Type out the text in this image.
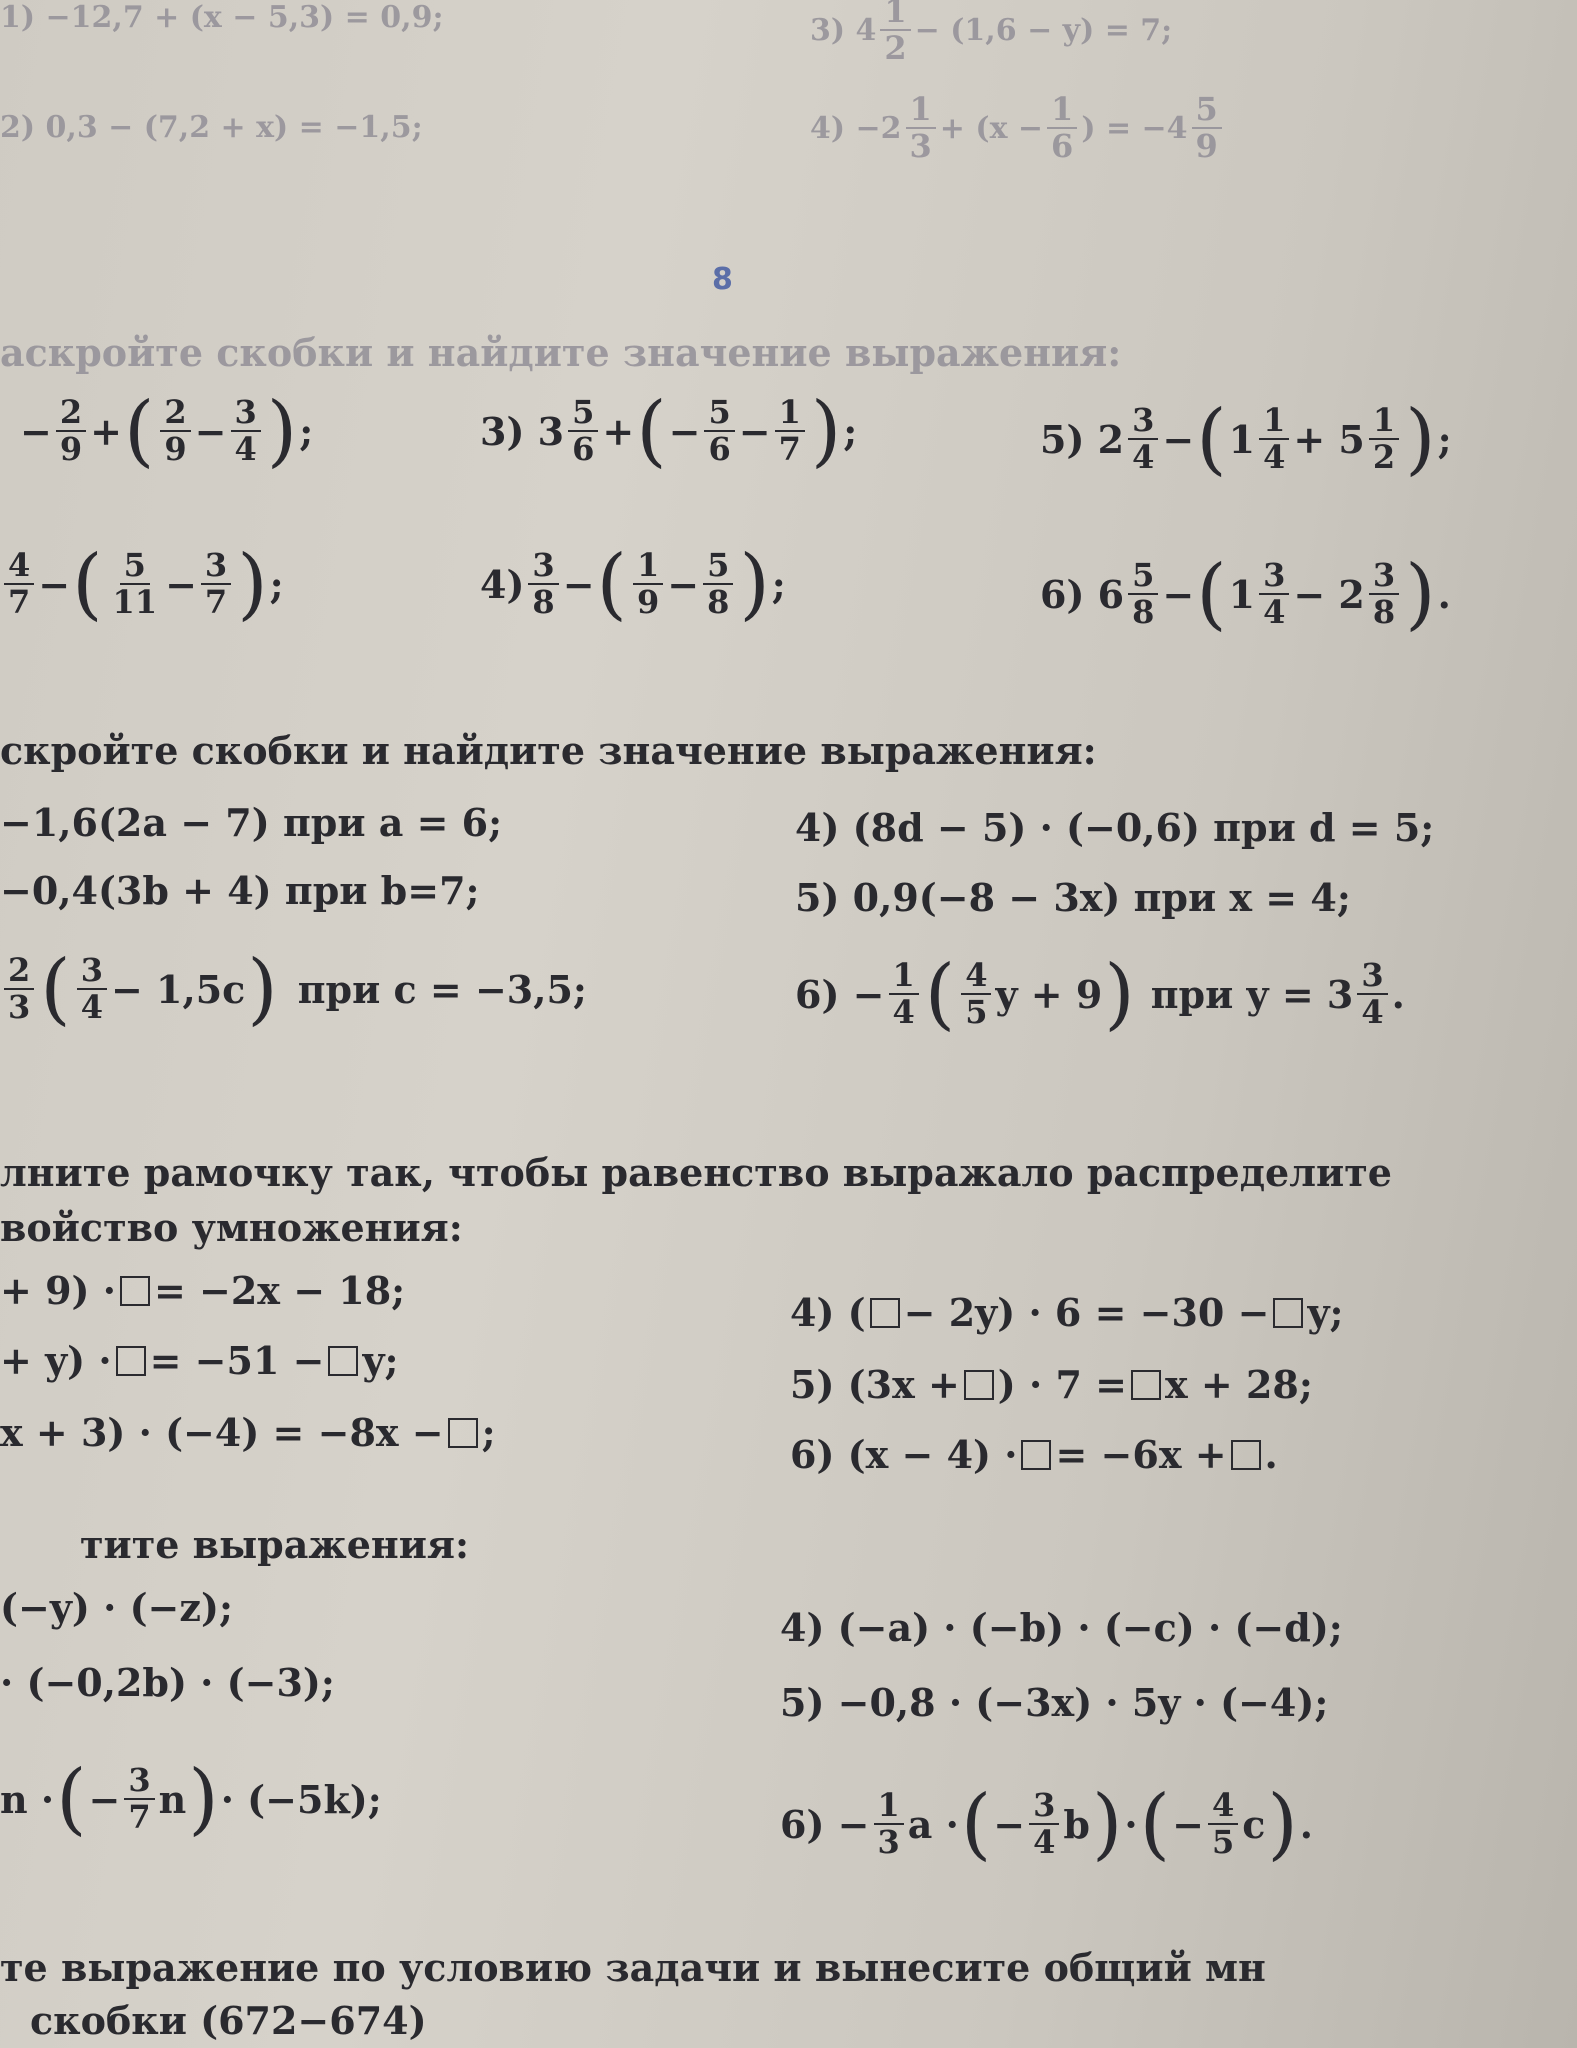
1) −12,7 + (x − 5,3) = 0,9;	3) $4 \frac{1}{2} - (1,6 - y) = 7$;
2) 0,3 − (7,2 + x) = −1,5;	$4) -2 \frac{1}{3} + (x - \frac{1}{6}$ ) = $-4 \frac{5}{9}$
8
аскройте скобки и найдите значение выражения:
− $\frac{2}{9}$ + ( $\frac{2}{9} - \frac{3}{4}$ ) ;
$\frac{4}{7}$ − ( $\frac{5}{11} - \frac{3}{7}$ ) ;
3) $3 \frac{5}{6}$ + ( − $\frac{5}{6} - \frac{1}{7}$ ) ;
$4) \frac{3}{8}$ − ( $\frac{1}{9} - \frac{5}{8}$ ) ;
5) $2 \frac{3}{4}$ − ( $1 \frac{1}{4} + 5 \frac{1}{2}$ ) ;
6) $6 \frac{5}{8}$ − ( $1 \frac{3}{4} - 2 \frac{3}{8}$ ) .
скройте скобки и найдите значение выражения:
−1,6(2a − 7) при a = 6;
−0,4(3b + 4) при b=7;
$\frac{2}{3}$ ( $\frac{3}{4} - 1,5c$ ) при c = −3,5;
4) (8d − 5) · (−0,6) при d = 5;
5) 0,9(−8 − 3x) при x = 4;
$6) - \frac{1}{4}$ ( $\frac{4}{5}$ y + 9 ) при $y = 3 \frac{3}{4}$ .
лните рамочку так, чтобы равенство выражало распределите
войство умножения:
+ 9) · = −2x − 18;
+ y) · = −51 − y;
x + 3) · (−4) = −8x − ;
4) ( − 2y) · 6 = −30 − y;
5) (3x + ) · 7 = x + 28;
6) (x − 4) · = −6x + .
тите выражения:
(−y) · (−z);
· (−0,2b) · (−3);
n · ( − $\frac{3}{7}$ n ) · (−5k);
4) (−a) · (−b) · (−c) · (−d);
5) −0,8 · (−3x) · 5y · (−4);
$6) - \frac{1}{3}$ a · ( − $\frac{3}{4}$ b ) · ( − $\frac{4}{5}$ c ) .
те выражение по условию задачи и вынесите общий мн
скобки (672−674)
